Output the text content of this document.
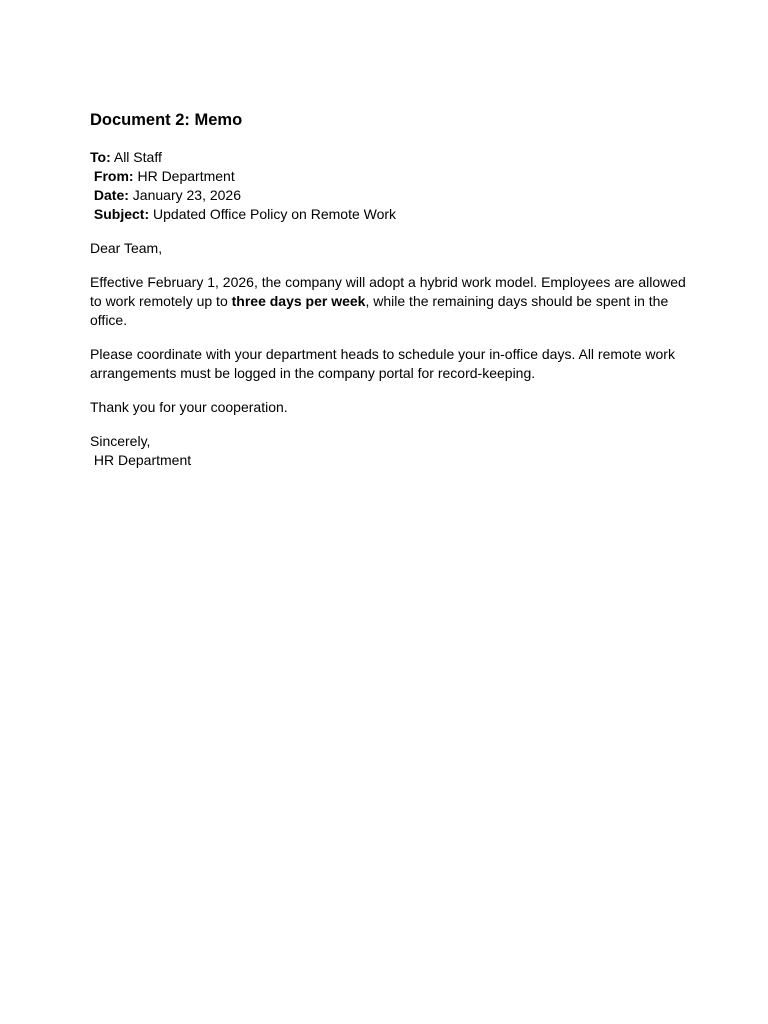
Document 2: Memo
To: All Staff
From: HR Department
Date: January 23, 2026
Subject: Updated Office Policy on Remote Work

Dear Team,

Effective February 1, 2026, the company will adopt a hybrid work model. Employees are allowed to work remotely up to three days per week, while the remaining days should be spent in the office.

Please coordinate with your department heads to schedule your in-office days. All remote work arrangements must be logged in the company portal for record-keeping.

Thank you for your cooperation.

Sincerely,
HR Department
